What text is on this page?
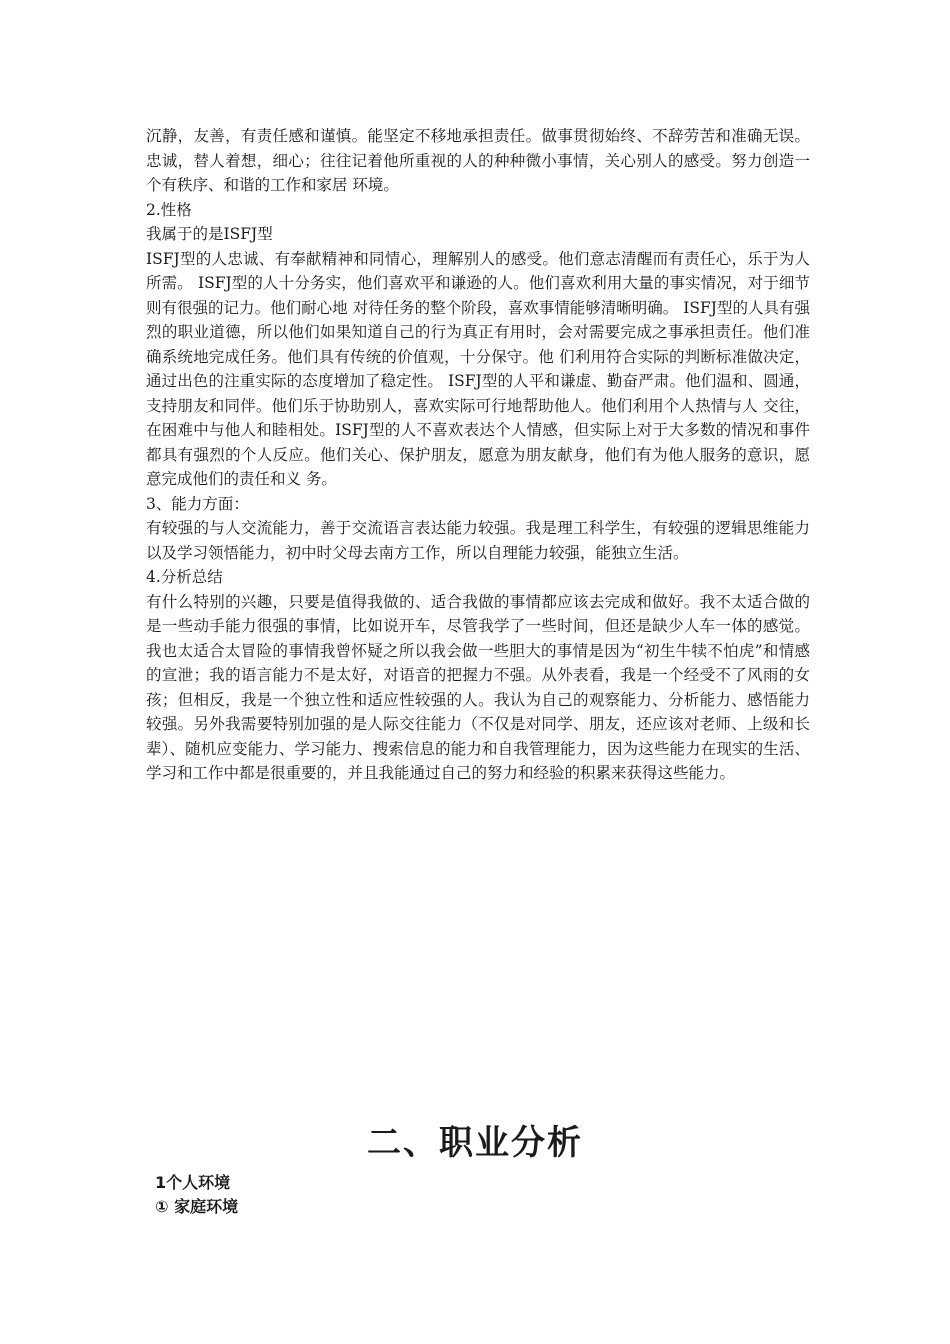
沉静，友善，有责任感和谨慎。能坚定不移地承担责任。做事贯彻始终、不辞劳苦和准确无误。忠诚，替人着想，细心；往往记着他所重视的人的种种微小事情，关心别人的感受。努力创造一个有秩序、和谐的工作和家居 环境。

2.性格

我属于的是ISFJ型

ISFJ型的人忠诚、有奉献精神和同情心，理解别人的感受。他们意志清醒而有责任心，乐于为人所需。 ISFJ型的人十分务实，他们喜欢平和谦逊的人。他们喜欢利用大量的事实情况，对于细节则有很强的记力。他们耐心地 对待任务的整个阶段，喜欢事情能够清晰明确。 ISFJ型的人具有强烈的职业道德，所以他们如果知道自己的行为真正有用时，会对需要完成之事承担责任。他们准确系统地完成任务。他们具有传统的价值观，十分保守。他 们利用符合实际的判断标准做决定，通过出色的注重实际的态度增加了稳定性。 ISFJ型的人平和谦虚、勤奋严肃。他们温和、圆通，支持朋友和同伴。他们乐于协助别人，喜欢实际可行地帮助他人。他们利用个人热情与人 交往，在困难中与他人和睦相处。ISFJ型的人不喜欢表达个人情感，但实际上对于大多数的情况和事件都具有强烈的个人反应。他们关心、保护朋友，愿意为朋友献身，他们有为他人服务的意识，愿意完成他们的责任和义 务。

3、能力方面：

有较强的与人交流能力，善于交流语言表达能力较强。我是理工科学生，有较强的逻辑思维能力以及学习领悟能力，初中时父母去南方工作，所以自理能力较强，能独立生活。

4.分析总结

有什么特别的兴趣，只要是值得我做的、适合我做的事情都应该去完成和做好。我不太适合做的是一些动手能力很强的事情，比如说开车，尽管我学了一些时间，但还是缺少人车一体的感觉。我也太适合太冒险的事情我曾怀疑之所以我会做一些胆大的事情是因为“初生牛犊不怕虎”和情感的宣泄；我的语言能力不是太好，对语音的把握力不强。从外表看，我是一个经受不了风雨的女孩；但相反，我是一个独立性和适应性较强的人。我认为自己的观察能力、分析能力、感悟能力较强。另外我需要特别加强的是人际交往能力（不仅是对同学、朋友，还应该对老师、上级和长辈）、随机应变能力、学习能力、搜索信息的能力和自我管理能力，因为这些能力在现实的生活、学习和工作中都是很重要的，并且我能通过自己的努力和经验的积累来获得这些能力。

二、职业分析
1个人环境
① 家庭环境
